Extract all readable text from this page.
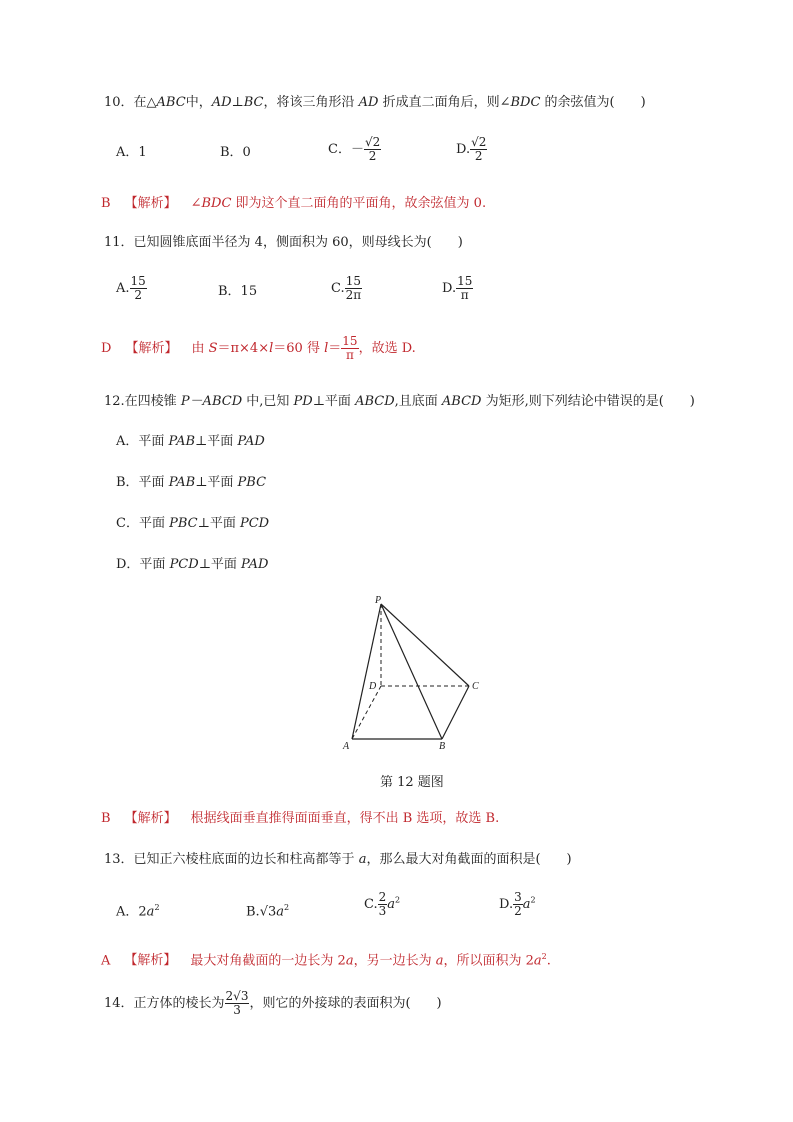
10．在△ABC中，AD⊥BC，将该三角形沿 AD 折成直二面角后，则∠BDC 的余弦值为(　　)
A．1	B．0	C．－ $\frac{√2}{2}$	D. $\frac{√2}{2}$
B 【解析】 ∠BDC 即为这个直二面角的平面角，故余弦值为 0.
11．已知圆锥底面半径为 4，侧面积为 60，则母线长为(　　)
A. $\frac{15}{2}$	B．15	C. $\frac{15}{2\pi}$	D. $\frac{15}{\pi}$
D 【解析】 由 S＝π×4×l＝60 得 $l= \frac{15}{\pi}$ ，故选 D.
12.在四棱锥 P－ABCD 中,已知 PD⊥平面 ABCD,且底面 ABCD 为矩形,则下列结论中错误的是(　　)
A．平面 PAB⊥平面 PAD
B．平面 PAB⊥平面 PBC
C．平面 PBC⊥平面 PCD
D．平面 PCD⊥平面 PAD
P
D	C
A	B
第 12 题图
B 【解析】 根据线面垂直推得面面垂直，得不出 B 选项，故选 B.
13．已知正六棱柱底面的边长和柱高都等于 a，那么最大对角截面的面积是(　　)
A．$2a^2$	$B.√3a^2$	C. $\frac{2}{3} a^2$	D. $\frac{3}{2} a^2$
A 【解析】 最大对角截面的一边长为 2a，另一边长为 a，所以面积为 $2a^2$.
14．正方体的棱长为 $\frac{2√3}{3}$ ，则它的外接球的表面积为(　　)
